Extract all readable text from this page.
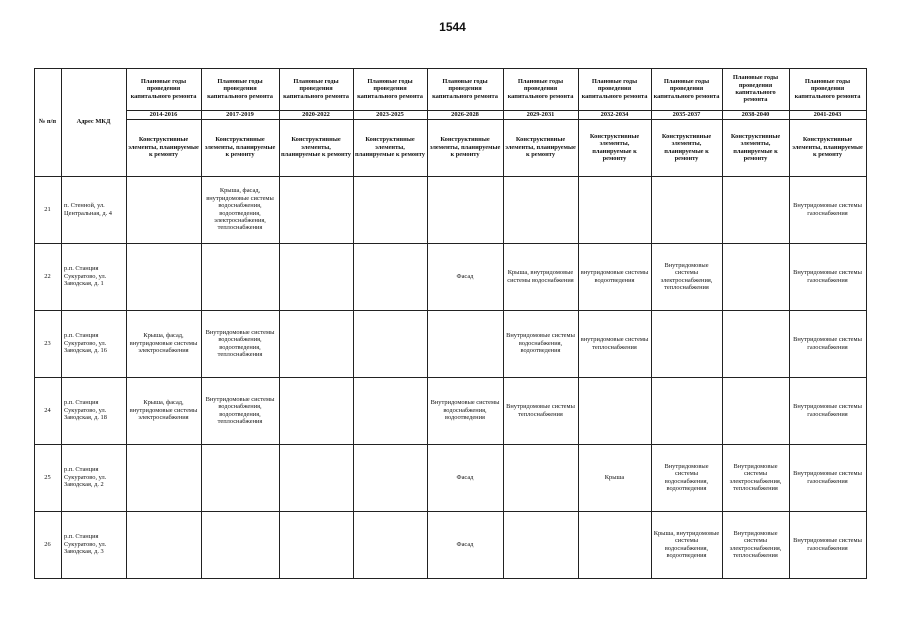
1544
№ п/п	Адрес МКД
Плановые годы проведения капитального ремонта
2014-2016
Конструктивные элементы, планируемые к ремонту
Плановые годы проведения капитального ремонта
2017-2019
Конструктивные элементы, планируемые к ремонту
Плановые годы проведения капитального ремонта
2020-2022
Конструктивные элементы, планируемые к ремонту
Плановые годы проведения капитального ремонта
2023-2025
Конструктивные элементы, планируемые к ремонту
Плановые годы проведения капитального ремонта
2026-2028
Конструктивные элементы, планируемые к ремонту
Плановые годы проведения капитального ремонта
2029-2031
Конструктивные элементы, планируемые к ремонту
Плановые годы проведения капитального ремонта
2032-2034
Конструктивные элементы, планируемые к ремонту
Плановые годы проведения капитального ремонта
2035-2037
Конструктивные элементы, планируемые к ремонту
Плановые годы проведения капитального ремонта
2038-2040
Конструктивные элементы, планируемые к ремонту
Плановые годы проведения капитального ремонта
2041-2043
Конструктивные элементы, планируемые к ремонту
21
п. Стенной, ул. Центральная, д. 4
Крыша, фасад, внутридомовые системы водоснабжения, водоотведения, электроснабжения, теплоснабжения
Внутридомовые системы газоснабжения
22
р.п. Станция Сукуратово, ул. Заводская, д. 1
Фасад
Крыша, внутридомовые системы водоснабжения
внутридомовые системы водоотведения
Внутридомовые системы электроснабжения, теплоснабжения
Внутридомовые системы газоснабжения
23
р.п. Станция Сукуратово, ул. Заводская, д. 16
Крыша, фасад, внутридомовые системы электроснабжения
Внутридомовые системы водоснабжения, водоотведения, теплоснабжения
Внутридомовые системы водоснабжения, водоотведения
внутридомовые системы теплоснабжения
Внутридомовые системы газоснабжения
24
р.п. Станция Сукуратово, ул. Заводская, д. 18
Крыша, фасад, внутридомовые системы электроснабжения
Внутридомовые системы водоснабжения, водоотведения, теплоснабжения
Внутридомовые системы водоснабжения, водоотведения
Внутридомовые системы теплоснабжения
Внутридомовые системы газоснабжения
25
р.п. Станция Сукуратово, ул. Заводская, д. 2
Фасад	Крыша
Внутридомовые системы водоснабжения, водоотведения
Внутридомовые системы электроснабжения, теплоснабжения
Внутридомовые системы газоснабжения
26
р.п. Станция Сукуратово, ул. Заводская, д. 3
Фасад
Крыша, внутридомовые системы водоснабжения, водоотведения
Внутридомовые системы электроснабжения, теплоснабжения
Внутридомовые системы газоснабжения
